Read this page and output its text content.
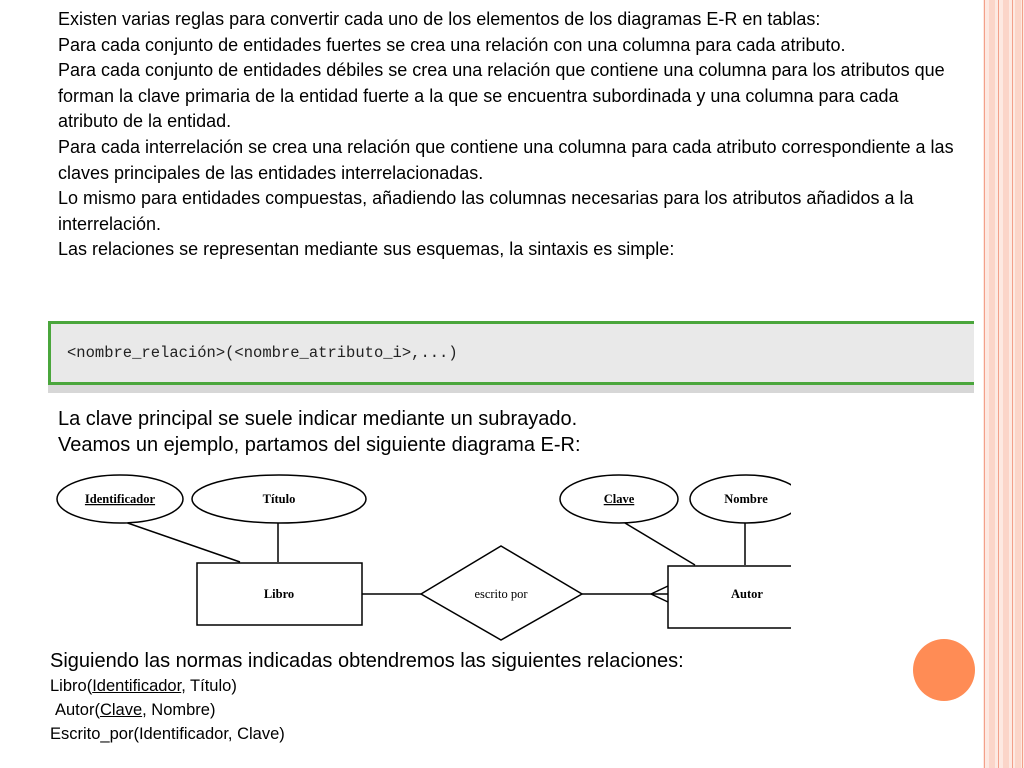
Existen varias reglas para convertir cada uno de los elementos de los diagramas E-R en tablas:

Para cada conjunto de entidades fuertes se crea una relación con una columna para cada atributo.

Para cada conjunto de entidades débiles se crea una relación que contiene una columna para los atributos que forman la clave primaria de la entidad fuerte a la que se encuentra subordinada y una columna para cada atributo de la entidad.

Para cada interrelación se crea una relación que contiene una columna para cada atributo correspondiente a las claves principales de las entidades interrelacionadas.

Lo mismo para entidades compuestas, añadiendo las columnas necesarias para los atributos añadidos a la interrelación.

Las relaciones se representan mediante sus esquemas, la sintaxis es simple:

<nombre_relación>(<nombre_atributo_i>,...)

La clave principal se suele indicar mediante un subrayado.

Veamos un ejemplo, partamos del siguiente diagrama E-R:

Identificador	Título	Clave	Nombre
Libro	escrito por	Autor

Siguiendo las normas indicadas obtendremos las siguientes relaciones:

Libro(Identificador, Título)

Autor(Clave, Nombre)

Escrito_por(Identificador, Clave)
